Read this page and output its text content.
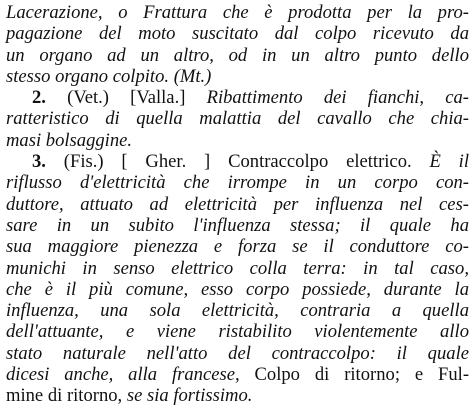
Lacerazione, o Frattura che è prodotta per la pro-
pagazione del moto suscitato dal colpo ricevuto da
un organo ad un altro, od in un altro punto dello
stesso organo colpito. (Mt.)
2. (Vet.) [Valla.] Ribattimento dei fianchi, ca-
ratteristico di quella malattia del cavallo che chia-
masi bolsaggine.
3. (Fis.) [ Gher. ] Contraccolpo elettrico. È il
riflusso d'elettricità che irrompe in un corpo con-
duttore, attuato ad elettricità per influenza nel ces-
sare in un subito l'influenza stessa; il quale ha
sua maggiore pienezza e forza se il conduttore co-
munichi in senso elettrico colla terra: in tal caso,
che è il più comune, esso corpo possiede, durante la
influenza, una sola elettricità, contraria a quella
dell'attuante, e viene ristabilito violentemente allo
stato naturale nell'atto del contraccolpo: il quale
dicesi anche, alla francese, Colpo di ritorno; e Ful-
mine di ritorno, se sia fortissimo.
